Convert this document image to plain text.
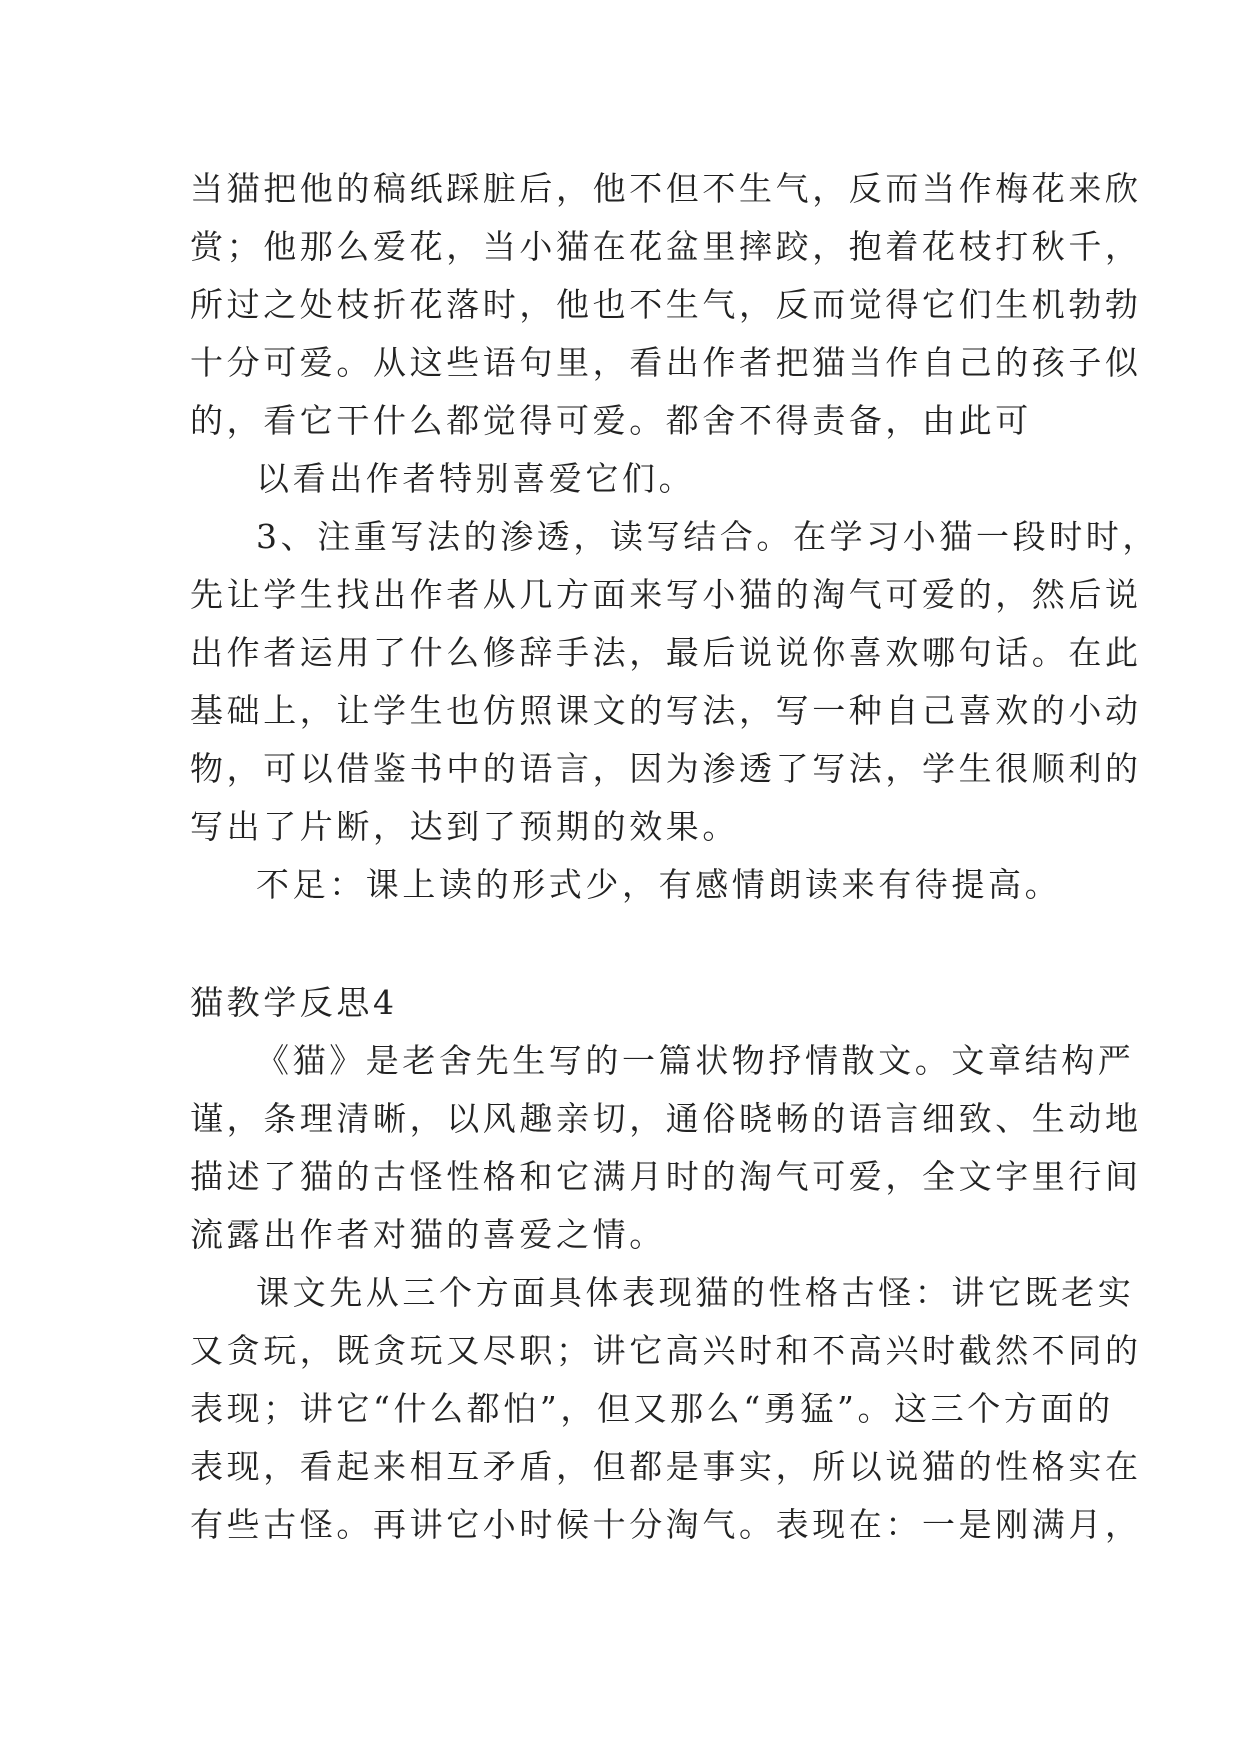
当猫把他的稿纸踩脏后，他不但不生气，反而当作梅花来欣
赏；他那么爱花，当小猫在花盆里摔跤，抱着花枝打秋千，
所过之处枝折花落时，他也不生气，反而觉得它们生机勃勃
十分可爱。从这些语句里，看出作者把猫当作自己的孩子似
的，看它干什么都觉得可爱。都舍不得责备，由此可
以看出作者特别喜爱它们。
3、注重写法的渗透，读写结合。在学习小猫一段时时，
先让学生找出作者从几方面来写小猫的淘气可爱的，然后说
出作者运用了什么修辞手法，最后说说你喜欢哪句话。在此
基础上，让学生也仿照课文的写法，写一种自己喜欢的小动
物，可以借鉴书中的语言，因为渗透了写法，学生很顺利的
写出了片断，达到了预期的效果。
不足：课上读的形式少，有感情朗读来有待提高。
猫教学反思4
《猫》是老舍先生写的一篇状物抒情散文。文章结构严
谨，条理清晰，以风趣亲切，通俗晓畅的语言细致、生动地
描述了猫的古怪性格和它满月时的淘气可爱，全文字里行间
流露出作者对猫的喜爱之情。
课文先从三个方面具体表现猫的性格古怪：讲它既老实
又贪玩，既贪玩又尽职；讲它高兴时和不高兴时截然不同的
表现；讲它“什么都怕”，但又那么“勇猛”。这三个方面的
表现，看起来相互矛盾，但都是事实，所以说猫的性格实在
有些古怪。再讲它小时候十分淘气。表现在：一是刚满月，
